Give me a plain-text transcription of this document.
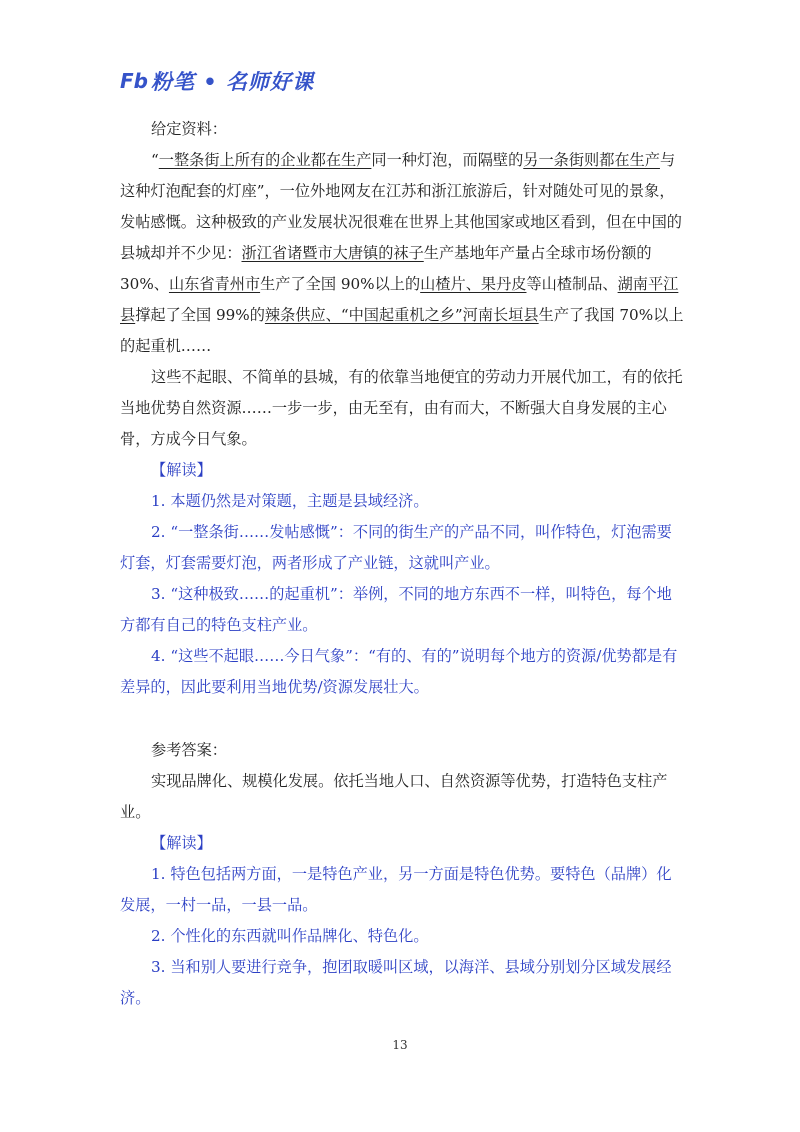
Fb 粉笔 • 名师好课

给定资料：

“一整条街上所有的企业都在生产同一种灯泡，而隔壁的另一条街则都在生产与这种灯泡配套的灯座”，一位外地网友在江苏和浙江旅游后，针对随处可见的景象，发帖感慨。这种极致的产业发展状况很难在世界上其他国家或地区看到，但在中国的县城却并不少见：浙江省诸暨市大唐镇的袜子生产基地年产量占全球市场份额的 30%、山东省青州市生产了全国 90%以上的山楂片、果丹皮等山楂制品、湖南平江县撑起了全国 99%的辣条供应、“中国起重机之乡”河南长垣县生产了我国 70%以上的起重机……

这些不起眼、不简单的县城，有的依靠当地便宜的劳动力开展代加工，有的依托当地优势自然资源……一步一步，由无至有，由有而大，不断强大自身发展的主心骨，方成今日气象。

【解读】

1. 本题仍然是对策题，主题是县域经济。

2. “一整条街……发帖感慨”：不同的街生产的产品不同，叫作特色，灯泡需要灯套，灯套需要灯泡，两者形成了产业链，这就叫产业。

3. “这种极致……的起重机”：举例，不同的地方东西不一样，叫特色，每个地方都有自己的特色支柱产业。

4. “这些不起眼……今日气象”：“有的、有的”说明每个地方的资源/优势都是有差异的，因此要利用当地优势/资源发展壮大。

参考答案：

实现品牌化、规模化发展。依托当地人口、自然资源等优势，打造特色支柱产业。

【解读】

1. 特色包括两方面，一是特色产业，另一方面是特色优势。要特色（品牌）化发展，一村一品，一县一品。

2. 个性化的东西就叫作品牌化、特色化。

3. 当和别人要进行竞争，抱团取暖叫区域，以海洋、县域分别划分区域发展经济。

13
